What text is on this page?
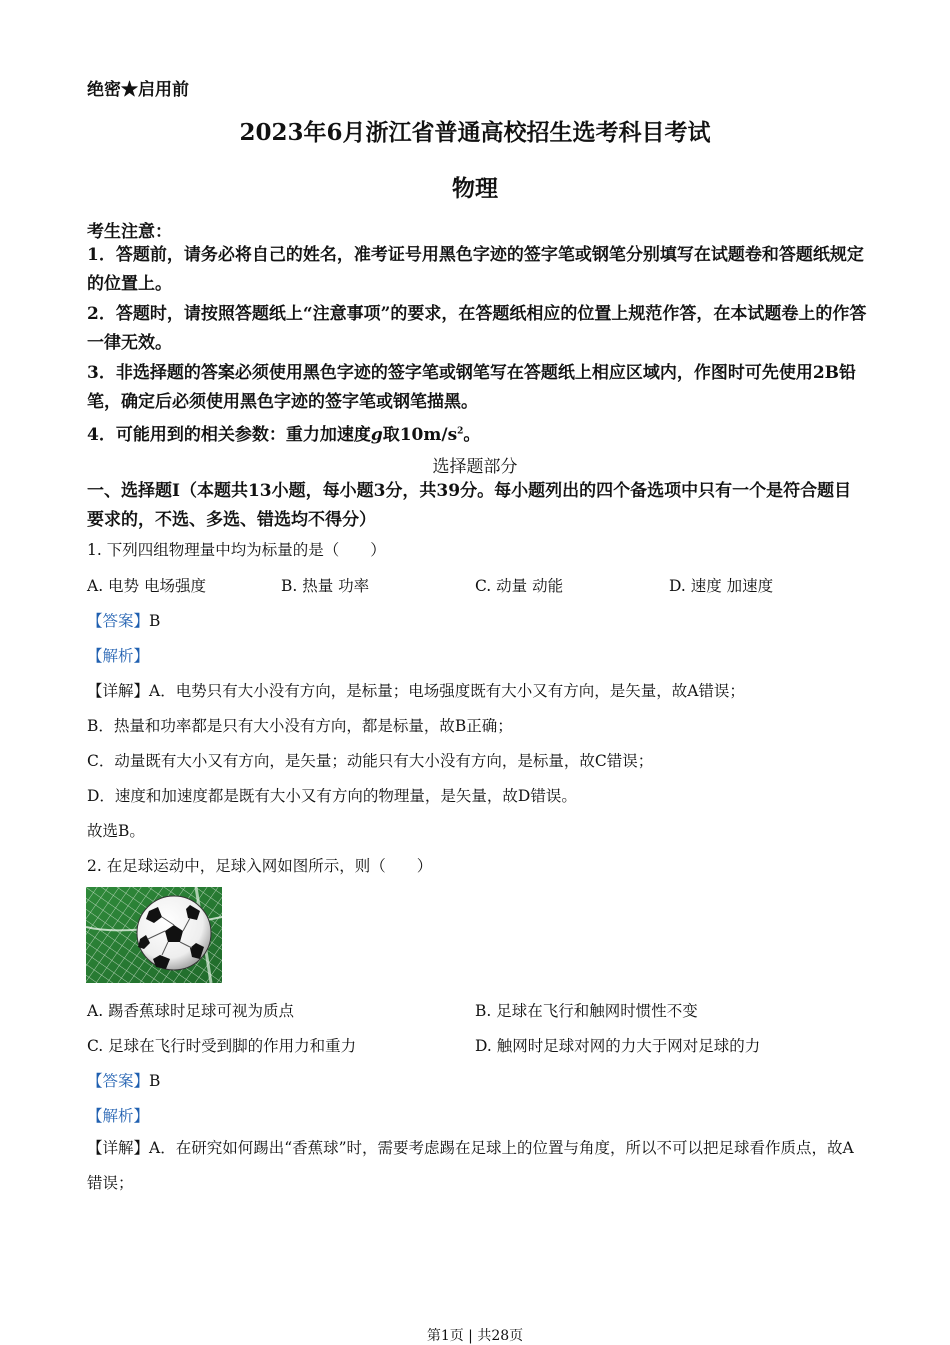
绝密★启用前
2023年6月浙江省普通高校招生选考科目考试
物理
考生注意：
1．答题前，请务必将自己的姓名，准考证号用黑色字迹的签字笔或钢笔分别填写在试题卷和答题纸规定的位置上。
2．答题时，请按照答题纸上“注意事项”的要求，在答题纸相应的位置上规范作答，在本试题卷上的作答一律无效。
3．非选择题的答案必须使用黑色字迹的签字笔或钢笔写在答题纸上相应区域内，作图时可先使用2B铅笔，确定后必须使用黑色字迹的签字笔或钢笔描黑。
4．可能用到的相关参数：重力加速度g取$10m/s^2$。
选择题部分
一、选择题Ⅰ（本题共13小题，每小题3分，共39分。每小题列出的四个备选项中只有一个是符合题目要求的，不选、多选、错选均不得分）
1. 下列四组物理量中均为标量的是（　　）
A. 电势 电场强度	B. 热量 功率	C. 动量 动能	D. 速度 加速度
【答案】B
【解析】
【详解】A．电势只有大小没有方向，是标量；电场强度既有大小又有方向，是矢量，故A错误；
B．热量和功率都是只有大小没有方向，都是标量，故B正确；
C．动量既有大小又有方向，是矢量；动能只有大小没有方向，是标量，故C错误；
D．速度和加速度都是既有大小又有方向的物理量，是矢量，故D错误。
故选B。
2. 在足球运动中，足球入网如图所示，则（　　）
A. 踢香蕉球时足球可视为质点	B. 足球在飞行和触网时惯性不变
C. 足球在飞行时受到脚的作用力和重力	D. 触网时足球对网的力大于网对足球的力
【答案】B
【解析】
【详解】A．在研究如何踢出“香蕉球”时，需要考虑踢在足球上的位置与角度，所以不可以把足球看作质点，故A错误；
第1页 | 共28页
